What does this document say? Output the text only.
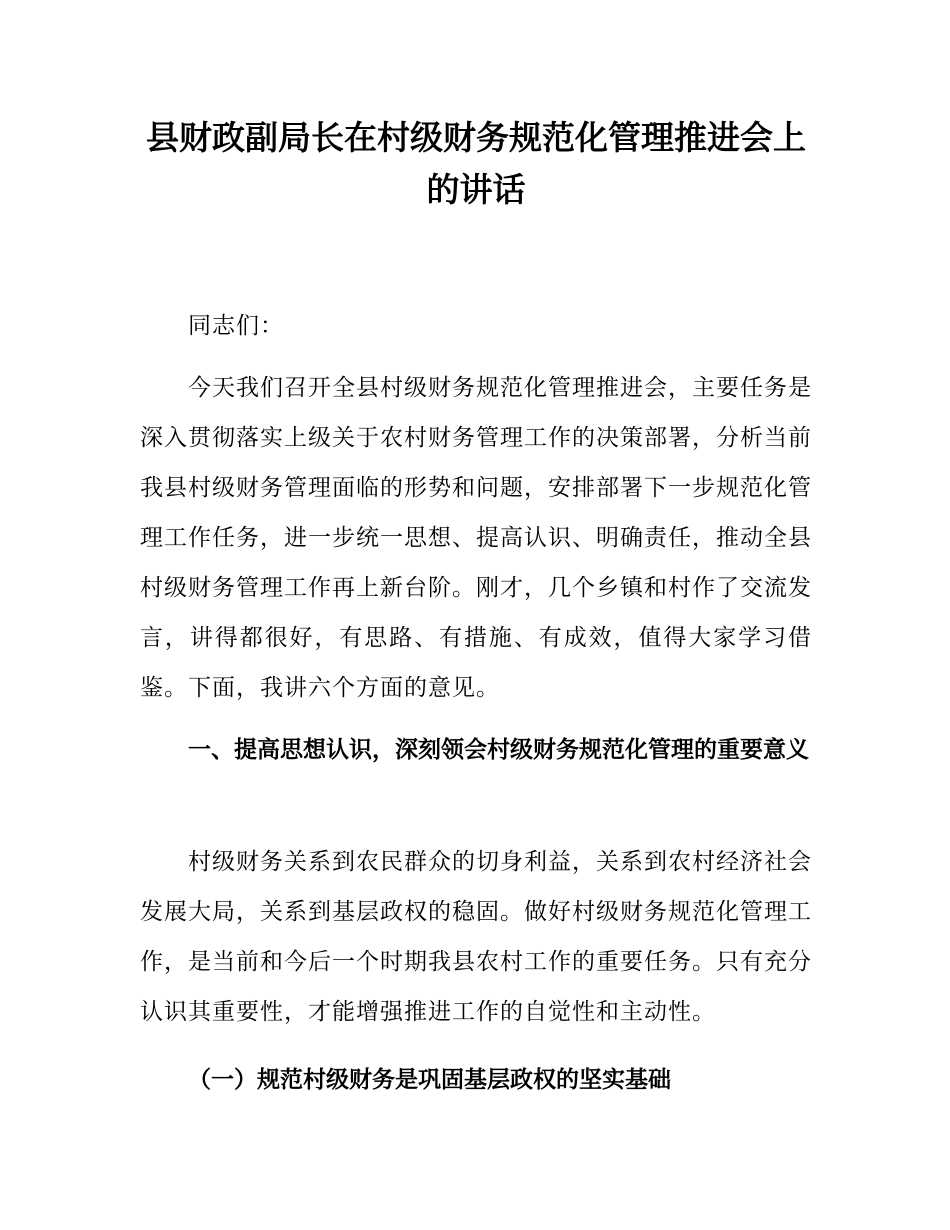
县财政副局长在村级财务规范化管理推进会上的讲话

同志们：

今天我们召开全县村级财务规范化管理推进会，主要任务是深入贯彻落实上级关于农村财务管理工作的决策部署，分析当前我县村级财务管理面临的形势和问题，安排部署下一步规范化管理工作任务，进一步统一思想、提高认识、明确责任，推动全县村级财务管理工作再上新台阶。刚才，几个乡镇和村作了交流发言，讲得都很好，有思路、有措施、有成效，值得大家学习借鉴。下面，我讲六个方面的意见。

一、提高思想认识，深刻领会村级财务规范化管理的重要意义

村级财务关系到农民群众的切身利益，关系到农村经济社会发展大局，关系到基层政权的稳固。做好村级财务规范化管理工作，是当前和今后一个时期我县农村工作的重要任务。只有充分认识其重要性，才能增强推进工作的自觉性和主动性。

（一）规范村级财务是巩固基层政权的坚实基础
